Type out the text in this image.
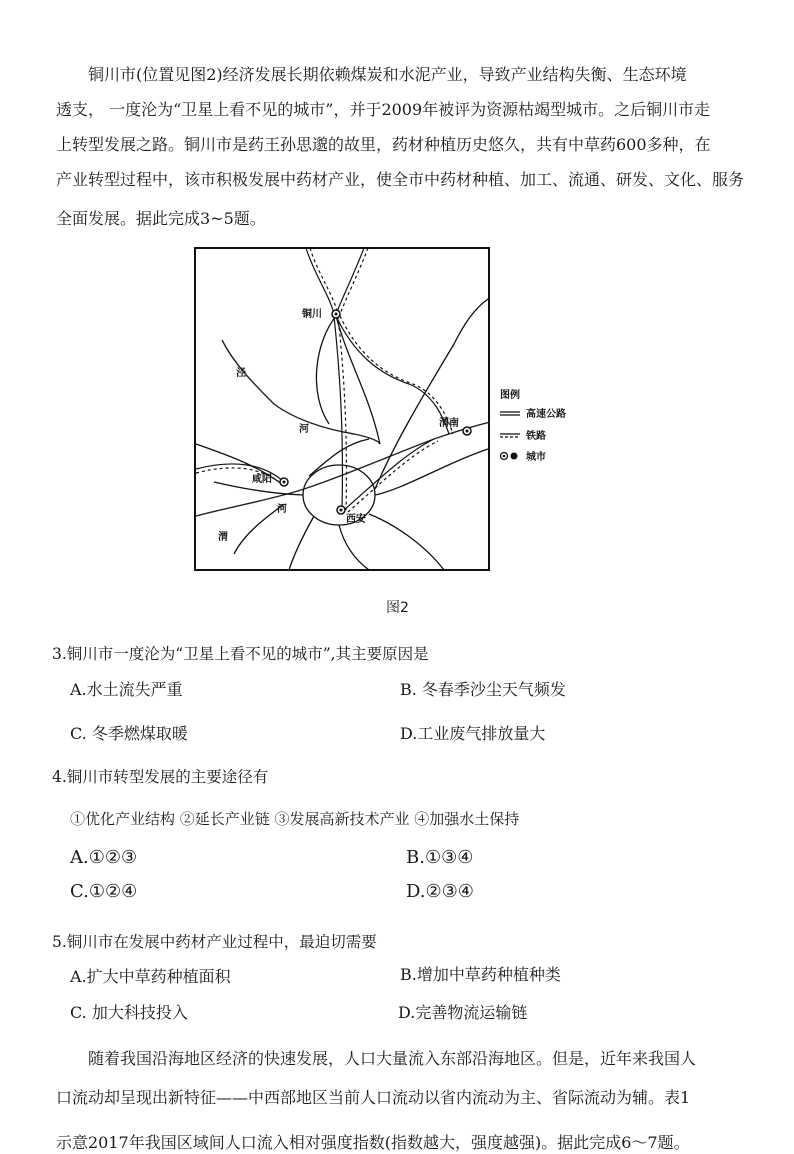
铜川市(位置见图2)经济发展长期依赖煤炭和水泥产业，导致产业结构失衡、生态环境
透支， 一度沦为“卫星上看不见的城市”，并于2009年被评为资源枯竭型城市。之后铜川市走
上转型发展之路。铜川市是药王孙思邈的故里，药材种植历史悠久，共有中草药600多种，在
产业转型过程中，该市积极发展中药材产业，使全市中药材种植、加工、流通、研发、文化、服务
全面发展。据此完成3~5题。
铜川
渭南
咸阳
西安
泾
河
河
渭
图例
高速公路
铁路
城市
图2
3.铜川市一度沦为“卫星上看不见的城市”,其主要原因是
A.水土流失严重	B. 冬春季沙尘天气频发
C. 冬季燃煤取暖	D.工业废气排放量大
4.铜川市转型发展的主要途径有
①优化产业结构 ②延长产业链 ③发展高新技术产业 ④加强水土保持
A.①②③	B.①③④
C.①②④	D.②③④
5.铜川市在发展中药材产业过程中，最迫切需要
A.扩大中草药种植面积	B.增加中草药种植种类
C. 加大科技投入	D.完善物流运输链
随着我国沿海地区经济的快速发展，人口大量流入东部沿海地区。但是，近年来我国人
口流动却呈现出新特征——中西部地区当前人口流动以省内流动为主、省际流动为辅。表1
示意2017年我国区域间人口流入相对强度指数(指数越大，强度越强)。据此完成6～7题。
